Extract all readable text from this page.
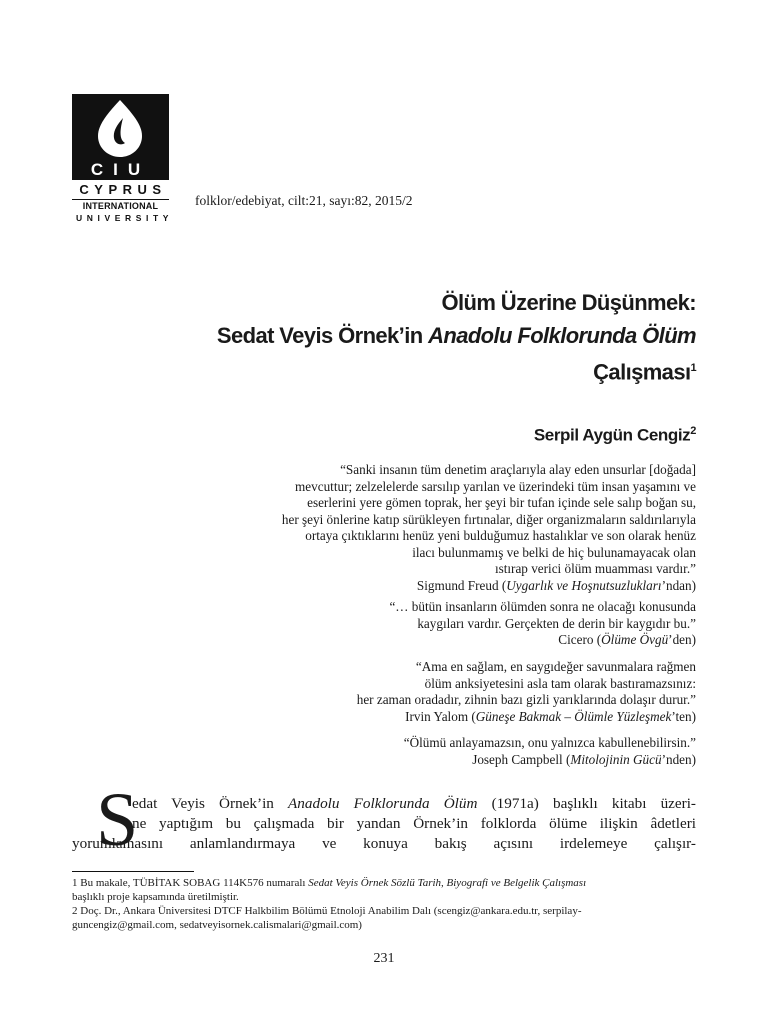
CIU
CYPRUS
INTERNATIONAL
UNIVERSITY
folklor/edebiyat, cilt:21, sayı:82, 2015/2
Ölüm Üzerine Düşünmek:
Sedat Veyis Örnek’in Anadolu Folklorunda Ölüm
Çalışması$^1$
Serpil Aygün Cengiz$^2$
“Sanki insanın tüm denetim araçlarıyla alay eden unsurlar [doğada]
mevcuttur; zelzelelerde sarsılıp yarılan ve üzerindeki tüm insan yaşamını ve
eserlerini yere gömen toprak, her şeyi bir tufan içinde sele salıp boğan su,
her şeyi önlerine katıp sürükleyen fırtınalar, diğer organizmaların saldırılarıyla
ortaya çıktıklarını henüz yeni bulduğumuz hastalıklar ve son olarak henüz
ilacı bulunmamış ve belki de hiç bulunamayacak olan
ıstırap verici ölüm muamması vardır.”
Sigmund Freud (Uygarlık ve Hoşnutsuzlukları’ndan)
“… bütün insanların ölümden sonra ne olacağı konusunda
kaygıları vardır. Gerçekten de derin bir kaygıdır bu.”
Cicero (Ölüme Övgü’den)
“Ama en sağlam, en saygıdeğer savunmalara rağmen
ölüm anksiyetesini asla tam olarak bastıramazsınız:
her zaman oradadır, zihnin bazı gizli yarıklarında dolaşır durur.”
Irvin Yalom (Güneşe Bakmak – Ölümle Yüzleşmek’ten)
“Ölümü anlayamazsın, onu yalnızca kabullenebilirsin.”
Joseph Campbell (Mitolojinin Gücü’nden)
S
edat Veyis Örnek’in Anadolu Folklorunda Ölüm (1971a) başlıklı kitabı üzeri-
ne yaptığım bu çalışmada bir yandan Örnek’in folklorda ölüme ilişkin âdetleri
yorumlamasını anlamlandırmaya ve konuya bakış açısını irdelemeye çalışır-
1 Bu makale, TÜBİTAK SOBAG 114K576 numaralı Sedat Veyis Örnek Sözlü Tarih, Biyografi ve Belgelik Çalışması
başlıklı proje kapsamında üretilmiştir.
2 Doç. Dr., Ankara Üniversitesi DTCF Halkbilim Bölümü Etnoloji Anabilim Dalı (scengiz@ankara.edu.tr, serpilay-
guncengiz@gmail.com, sedatveyisornek.calismalari@gmail.com)
231
